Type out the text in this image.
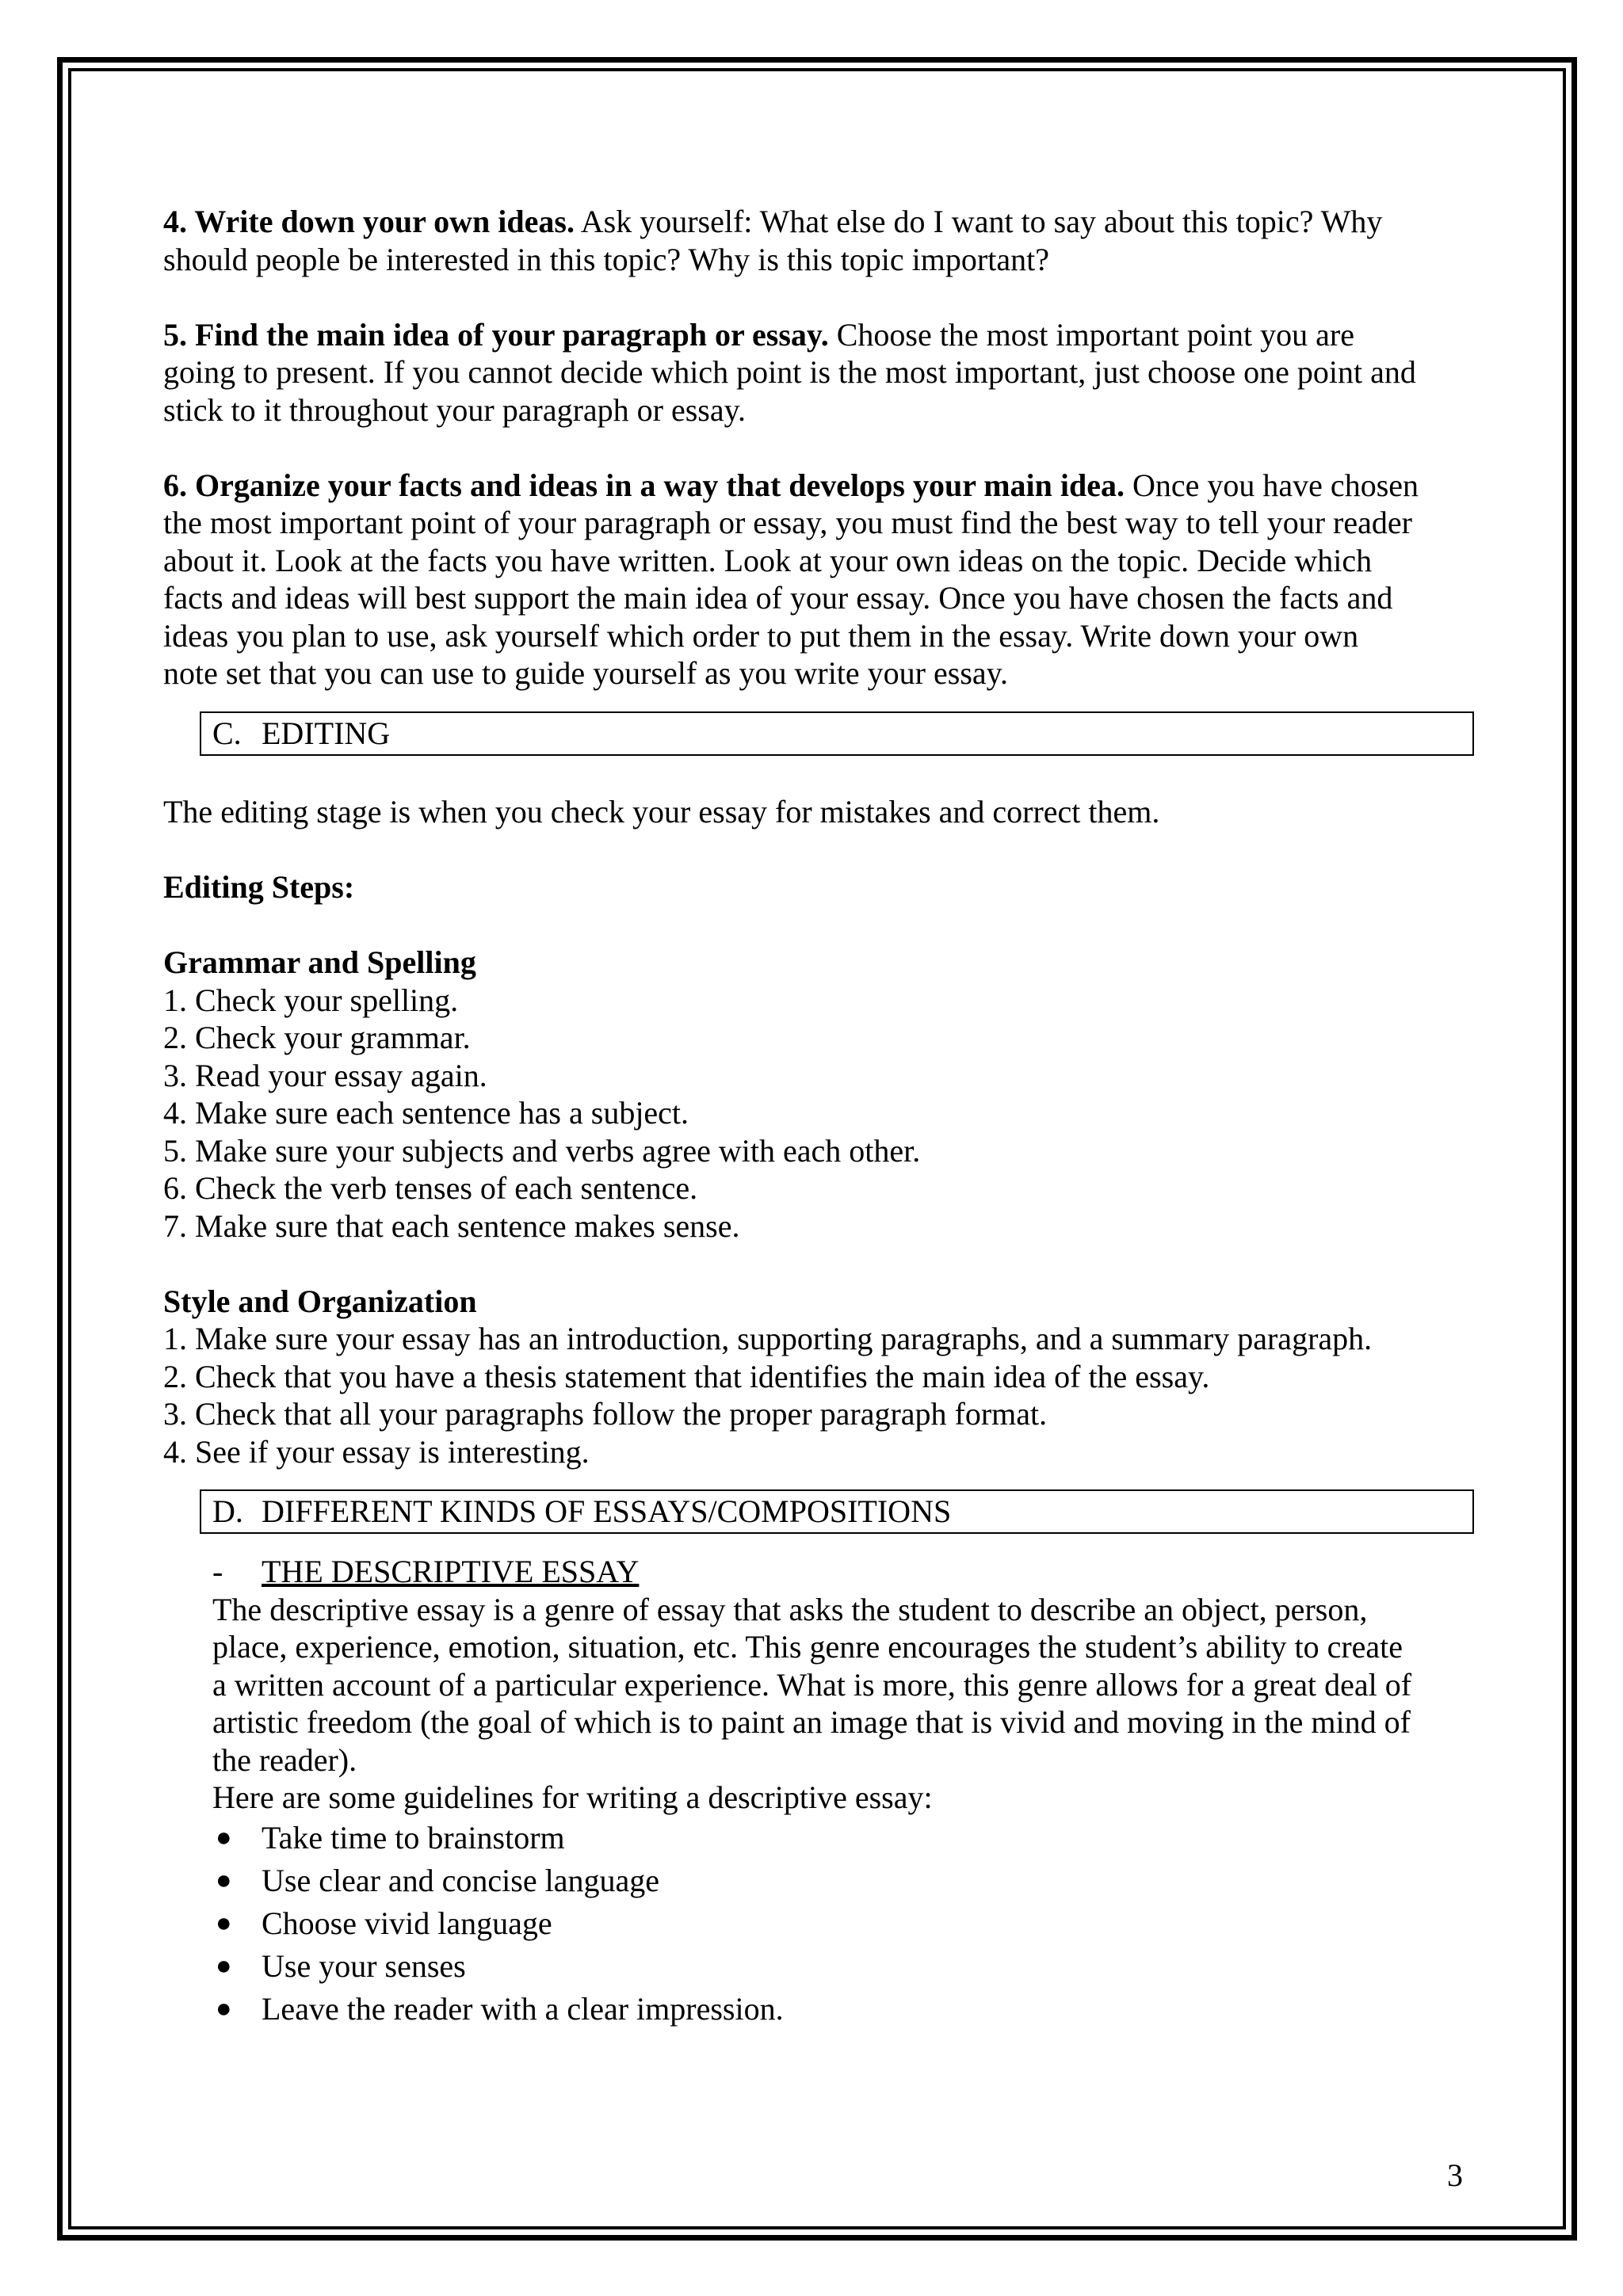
4. Write down your own ideas. Ask yourself: What else do I want to say about this topic? Why
should people be interested in this topic? Why is this topic important?

5. Find the main idea of your paragraph or essay. Choose the most important point you are
going to present. If you cannot decide which point is the most important, just choose one point and
stick to it throughout your paragraph or essay.

6. Organize your facts and ideas in a way that develops your main idea. Once you have chosen
the most important point of your paragraph or essay, you must find the best way to tell your reader
about it. Look at the facts you have written. Look at your own ideas on the topic. Decide which
facts and ideas will best support the main idea of your essay. Once you have chosen the facts and
ideas you plan to use, ask yourself which order to put them in the essay. Write down your own
note set that you can use to guide yourself as you write your essay.

C. EDITING

The editing stage is when you check your essay for mistakes and correct them.

Editing Steps:

Grammar and Spelling

1. Check your spelling.

2. Check your grammar.

3. Read your essay again.

4. Make sure each sentence has a subject.

5. Make sure your subjects and verbs agree with each other.

6. Check the verb tenses of each sentence.

7. Make sure that each sentence makes sense.

Style and Organization

1. Make sure your essay has an introduction, supporting paragraphs, and a summary paragraph.

2. Check that you have a thesis statement that identifies the main idea of the essay.

3. Check that all your paragraphs follow the proper paragraph format.

4. See if your essay is interesting.

D. DIFFERENT KINDS OF ESSAYS/COMPOSITIONS

- THE DESCRIPTIVE ESSAY

The descriptive essay is a genre of essay that asks the student to describe an object, person,
place, experience, emotion, situation, etc. This genre encourages the student’s ability to create
a written account of a particular experience. What is more, this genre allows for a great deal of
artistic freedom (the goal of which is to paint an image that is vivid and moving in the mind of
the reader).

Here are some guidelines for writing a descriptive essay:

● Take time to brainstorm
● Use clear and concise language
● Choose vivid language
● Use your senses
● Leave the reader with a clear impression.
3
